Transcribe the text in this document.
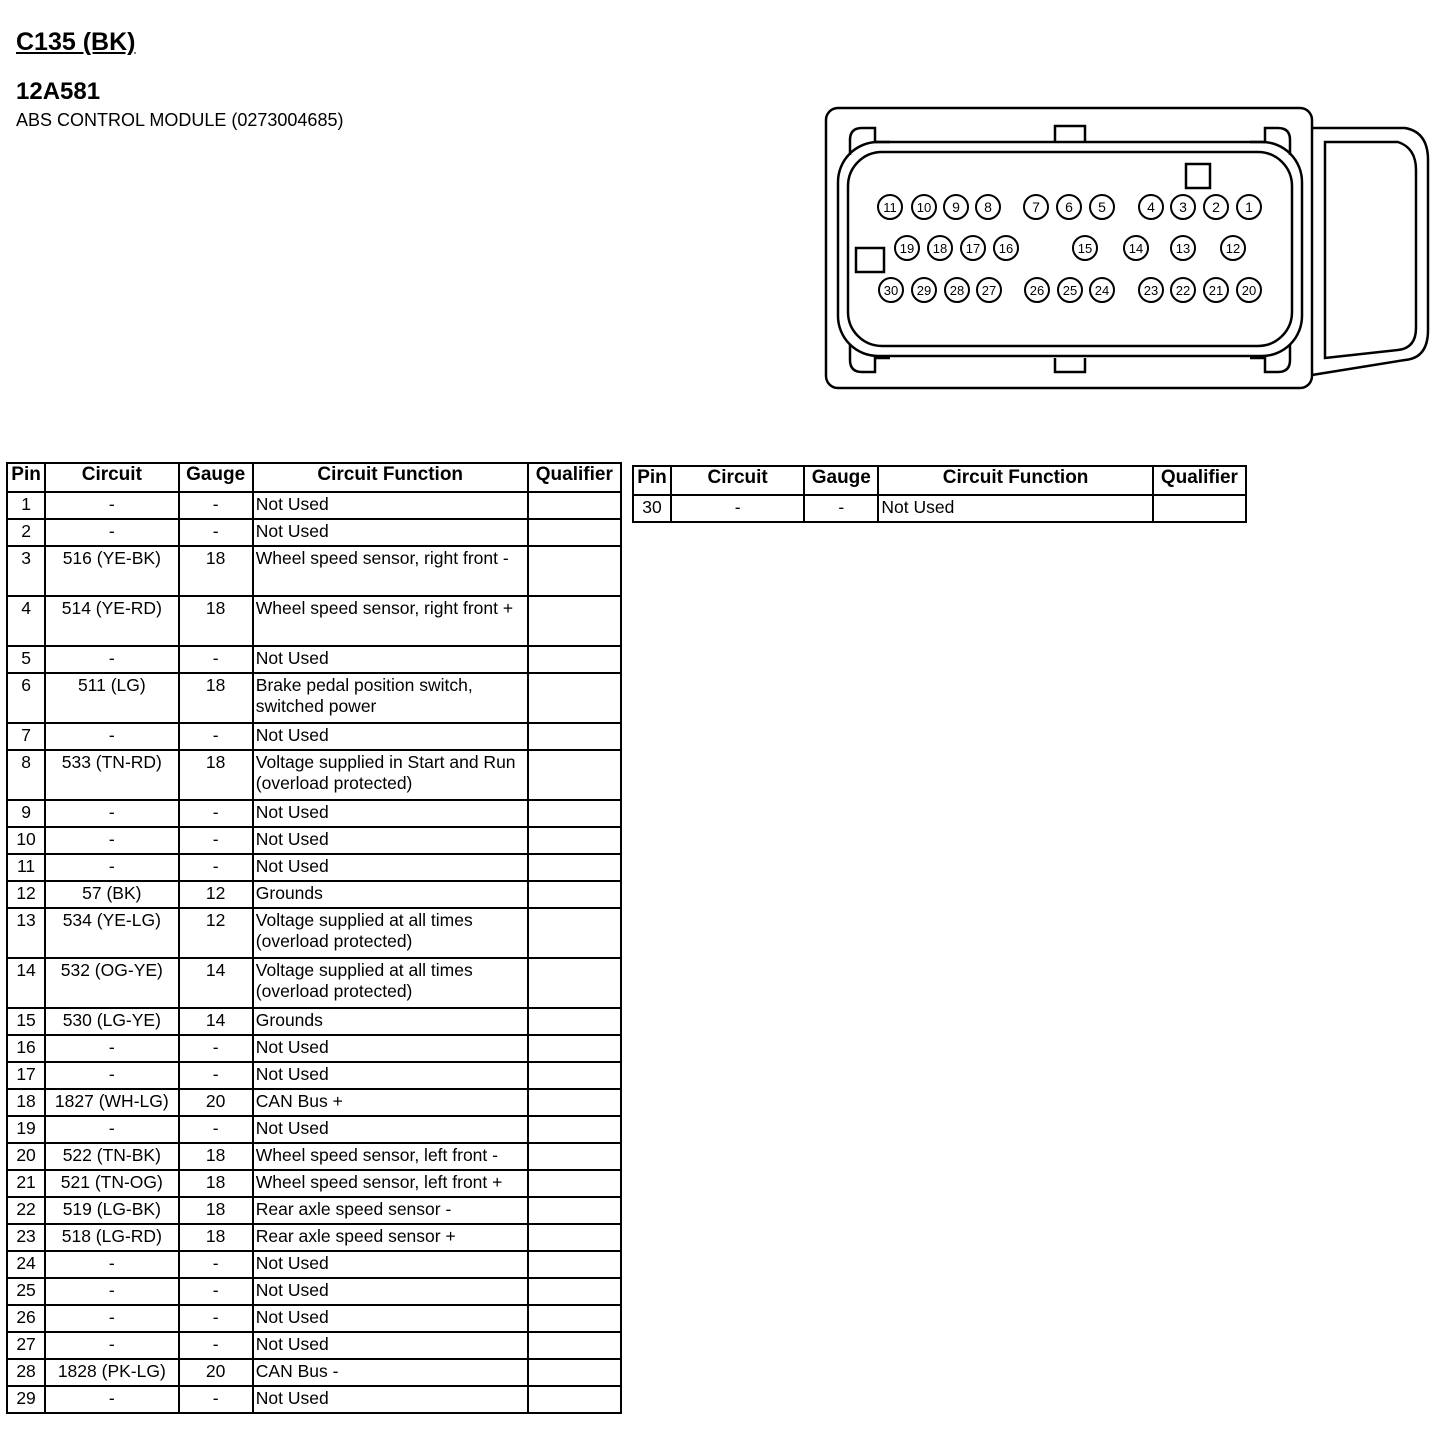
C135 (BK)
12A581

ABS CONTROL MODULE (0273004685)

11 10 9 8	7 6 5	4 3 2 1
19 18 17 16	15	14	13	12
30 29 28 27	26 25 24	23 22 21 20
Pin	Circuit	Gauge	Circuit Function	Qualifier
1	-	-	Not Used	
2	-	-	Not Used	
3	516 (YE-BK)	18	Wheel speed sensor, right front -	
4	514 (YE-RD)	18	Wheel speed sensor, right front +	
5	-	-	Not Used	
6	511 (LG)	18	Brake pedal position switch, switched power	
7	-	-	Not Used	
8	533 (TN-RD)	18	Voltage supplied in Start and Run (overload protected)	
9	-	-	Not Used	
10	-	-	Not Used	
11	-	-	Not Used	
12	57 (BK)	12	Grounds	
13	534 (YE-LG)	12	Voltage supplied at all times (overload protected)	
14	532 (OG-YE)	14	Voltage supplied at all times (overload protected)	
15	530 (LG-YE)	14	Grounds	
16	-	-	Not Used	
17	-	-	Not Used	
18	1827 (WH-LG)	20	CAN Bus +	
19	-	-	Not Used	
20	522 (TN-BK)	18	Wheel speed sensor, left front -	
21	521 (TN-OG)	18	Wheel speed sensor, left front +	
22	519 (LG-BK)	18	Rear axle speed sensor -	
23	518 (LG-RD)	18	Rear axle speed sensor +	
24	-	-	Not Used	
25	-	-	Not Used	
26	-	-	Not Used	
27	-	-	Not Used	
28	1828 (PK-LG)	20	CAN Bus -	
29	-	-	Not Used	
Pin	Circuit	Gauge	Circuit Function	Qualifier
30	-	-	Not Used	
